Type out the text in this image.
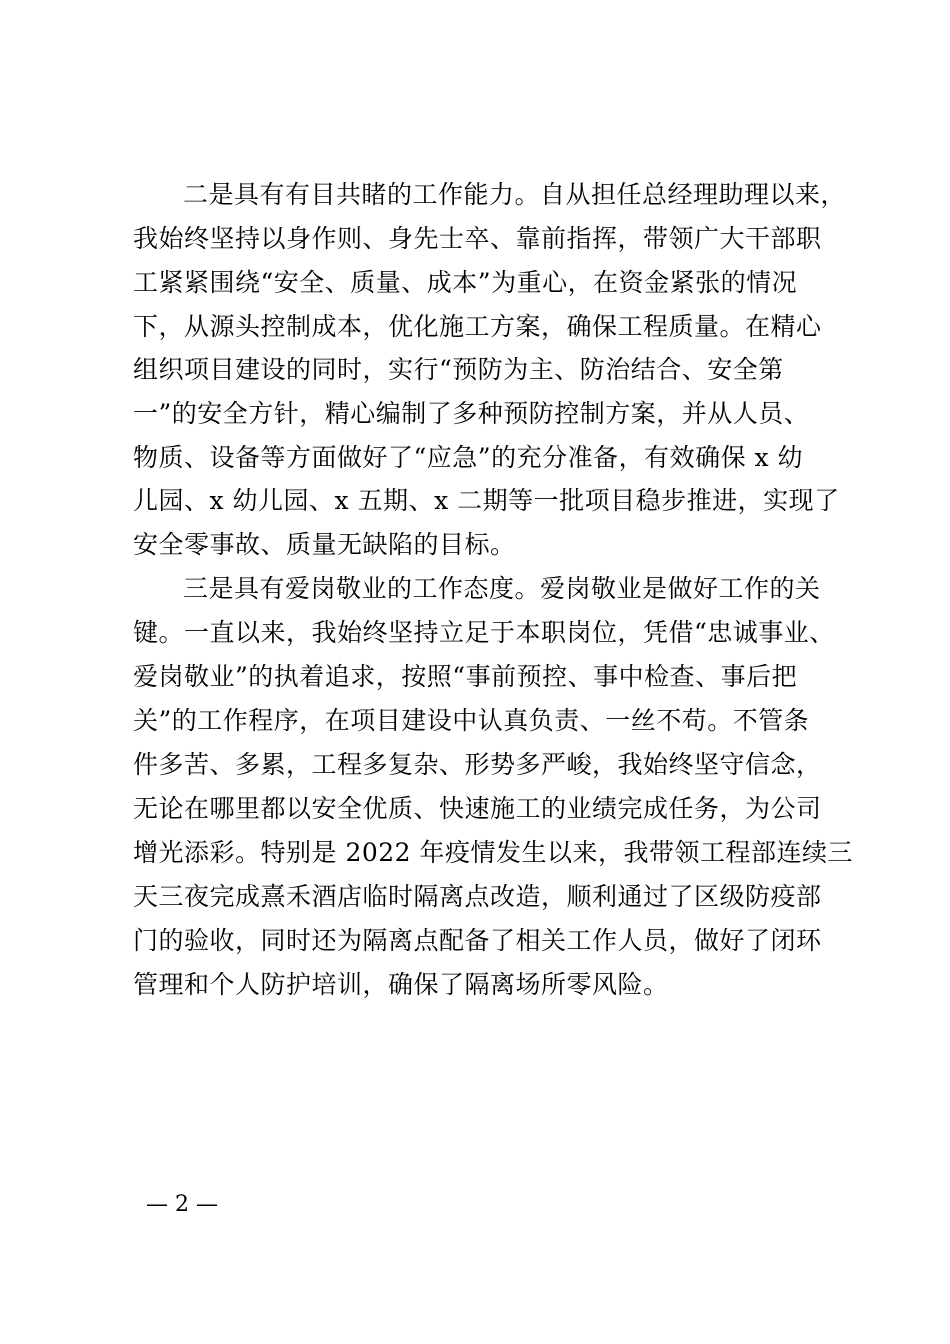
二是具有有目共睹的工作能力。自从担任总经理助理以来，
我始终坚持以身作则、身先士卒、靠前指挥，带领广大干部职
工紧紧围绕“安全、质量、成本”为重心，在资金紧张的情况
下，从源头控制成本，优化施工方案，确保工程质量。在精心
组织项目建设的同时，实行“预防为主、防治结合、安全第
一”的安全方针，精心编制了多种预防控制方案，并从人员、
物质、设备等方面做好了“应急”的充分准备，有效确保 x 幼
儿园、x 幼儿园、x 五期、x 二期等一批项目稳步推进，实现了
安全零事故、质量无缺陷的目标。
三是具有爱岗敬业的工作态度。爱岗敬业是做好工作的关
键。一直以来，我始终坚持立足于本职岗位，凭借“忠诚事业、
爱岗敬业”的执着追求，按照“事前预控、事中检查、事后把
关”的工作程序，在项目建设中认真负责、一丝不苟。不管条
件多苦、多累，工程多复杂、形势多严峻，我始终坚守信念，
无论在哪里都以安全优质、快速施工的业绩完成任务，为公司
增光添彩。特别是 2022 年疫情发生以来，我带领工程部连续三
天三夜完成熹禾酒店临时隔离点改造，顺利通过了区级防疫部
门的验收，同时还为隔离点配备了相关工作人员，做好了闭环
管理和个人防护培训，确保了隔离场所零风险。
— 2 —
